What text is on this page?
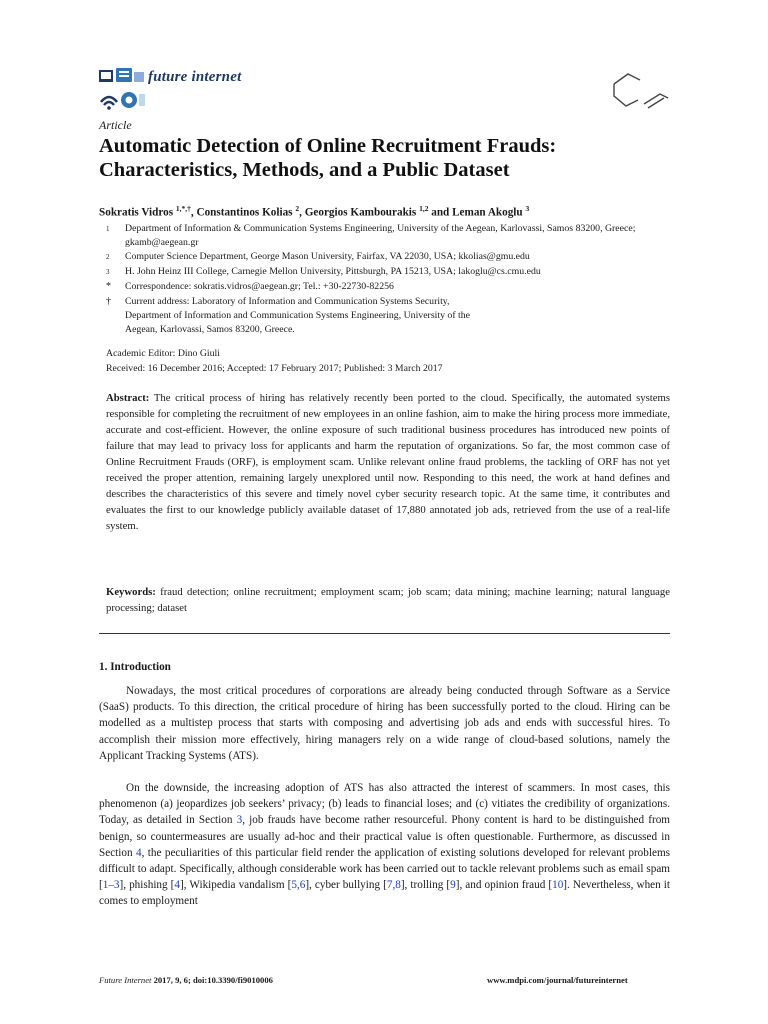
future internet
Article
Automatic Detection of Online Recruitment Frauds: Characteristics, Methods, and a Public Dataset
Sokratis Vidros $^{1,*,\dagger}$, Constantinos Kolias $^2$, Georgios Kambourakis $^{1,2}$ and Leman Akoglu $^3$
1	Department of Information & Communication Systems Engineering, University of the Aegean, Karlovassi, Samos 83200, Greece; gkamb@aegean.gr
2	Computer Science Department, George Mason University, Fairfax, VA 22030, USA; kkolias@gmu.edu
3	H. John Heinz III College, Carnegie Mellon University, Pittsburgh, PA 15213, USA; lakoglu@cs.cmu.edu
*	Correspondence: sokratis.vidros@aegean.gr; Tel.: +30-22730-82256
†	Current address: Laboratory of Information and Communication Systems Security, Department of Information and Communication Systems Engineering, University of the Aegean, Karlovassi, Samos 83200, Greece.
Academic Editor: Dino Giuli
Received: 16 December 2016; Accepted: 17 February 2017; Published: 3 March 2017
Abstract: The critical process of hiring has relatively recently been ported to the cloud. Specifically, the automated systems responsible for completing the recruitment of new employees in an online fashion, aim to make the hiring process more immediate, accurate and cost-efficient. However, the online exposure of such traditional business procedures has introduced new points of failure that may lead to privacy loss for applicants and harm the reputation of organizations. So far, the most common case of Online Recruitment Frauds (ORF), is employment scam. Unlike relevant online fraud problems, the tackling of ORF has not yet received the proper attention, remaining largely unexplored until now. Responding to this need, the work at hand defines and describes the characteristics of this severe and timely novel cyber security research topic. At the same time, it contributes and evaluates the first to our knowledge publicly available dataset of 17,880 annotated job ads, retrieved from the use of a real-life system.
Keywords: fraud detection; online recruitment; employment scam; job scam; data mining; machine learning; natural language processing; dataset
1. Introduction
Nowadays, the most critical procedures of corporations are already being conducted through Software as a Service (SaaS) products. To this direction, the critical procedure of hiring has been successfully ported to the cloud. Hiring can be modelled as a multistep process that starts with composing and advertising job ads and ends with successful hires. To accomplish their mission more effectively, hiring managers rely on a wide range of cloud-based solutions, namely the Applicant Tracking Systems (ATS).
On the downside, the increasing adoption of ATS has also attracted the interest of scammers. In most cases, this phenomenon (a) jeopardizes job seekers’ privacy; (b) leads to financial loses; and (c) vitiates the credibility of organizations. Today, as detailed in Section 3, job frauds have become rather resourceful. Phony content is hard to be distinguished from benign, so countermeasures are usually ad-hoc and their practical value is often questionable. Furthermore, as discussed in Section 4, the peculiarities of this particular field render the application of existing solutions developed for relevant problems difficult to adapt. Specifically, although considerable work has been carried out to tackle relevant problems such as email spam [1–3], phishing [4], Wikipedia vandalism [5,6], cyber bullying [7,8], trolling [9], and opinion fraud [10]. Nevertheless, when it comes to employment
Future Internet 2017, 9, 6; doi:10.3390/fi9010006	www.mdpi.com/journal/futureinternet
